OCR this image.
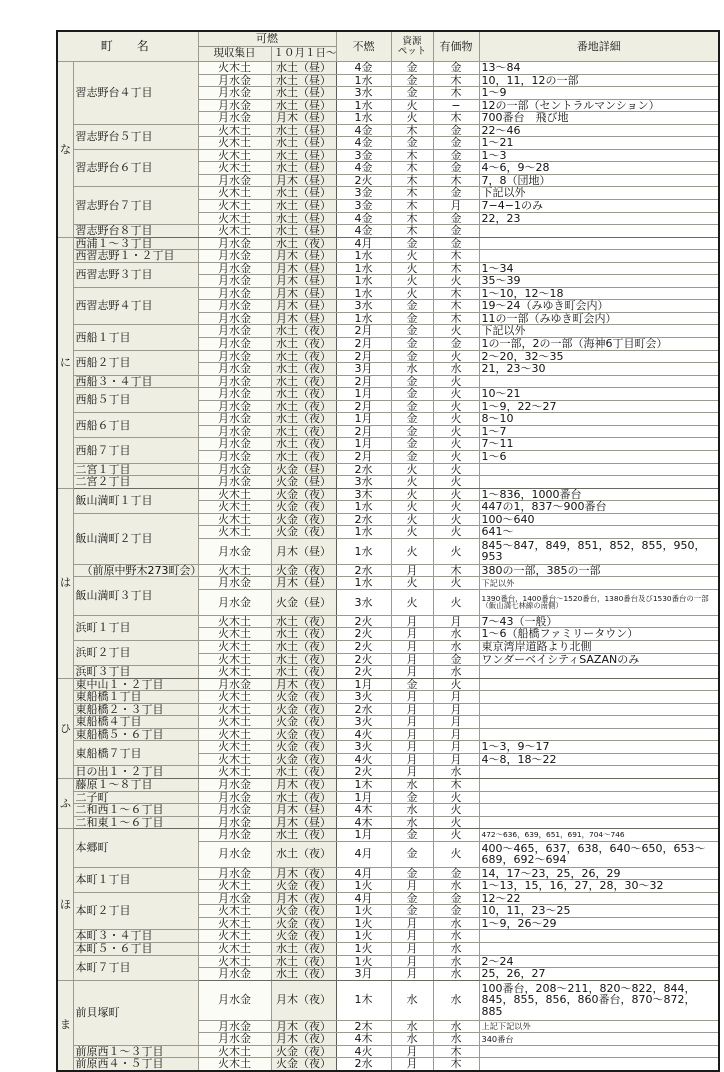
町　名		可燃		不燃	資源
ペット	有価物	番地詳細
		現収集日	１０月１日〜				
な	習志野台４丁目	火木土	水土（昼）	4金	金	金	13〜84
		月水金	水土（昼）	1水	金	木	10，11，12の一部
		月水金	水土（昼）	3水	金	木	1〜9
		月水金	水土（昼）	1水	火	−	12の一部（セントラルマンション）
		月水金	月木（昼）	1水	火	木	700番台　飛び地
	習志野台５丁目	火木土	水土（昼）	4金	木	金	22〜46
		火木土	水土（昼）	4金	金	金	1〜21
	習志野台６丁目	火木土	水土（昼）	3金	木	金	1〜3
		火木土	水土（昼）	4金	木	金	4〜6，9〜28
		月水金	月木（昼）	2火	木	木	7，8（団地）
	習志野台７丁目	火木土	水土（昼）	3金	木	金	下記以外
		火木土	水土（昼）	3金	木	月	7−4−1のみ
		火木土	水土（昼）	4金	木	金	22，23
	習志野台８丁目	火木土	水土（昼）	4金	木	金	
に	西浦１〜３丁目	月水金	水土（夜）	4月	金	金	
	西習志野１・２丁目	月水金	月木（昼）	1水	火	木	
	西習志野３丁目	月水金	月木（昼）	1水	火	木	1〜34
		月水金	月木（昼）	1水	火	火	35〜39
	西習志野４丁目	月水金	月木（昼）	1水	火	木	1〜10，12〜18
		月水金	月木（昼）	3水	金	木	19〜24（みゆき町会内）
		月水金	月木（昼）	1水	金	木	11の一部（みゆき町会内）
	西船１丁目	月水金	水土（夜）	2月	金	火	下記以外
		月水金	水土（夜）	2月	金	金	1の一部，2の一部（海神6丁目町会）
	西船２丁目	月水金	水土（夜）	2月	金	火	2〜20，32〜35
		月水金	水土（夜）	3月	水	水	21，23〜30
	西船３・４丁目	月水金	水土（夜）	2月	金	火	
	西船５丁目	月水金	水土（夜）	1月	金	火	10〜21
		月水金	水土（夜）	2月	金	火	1〜9，22〜27
	西船６丁目	月水金	水土（夜）	1月	金	火	8〜10
		月水金	水土（夜）	2月	金	火	1〜7
	西船７丁目	月水金	水土（夜）	1月	金	火	7〜11
		月水金	水土（夜）	2月	金	火	1〜6
	二宮１丁目	月水金	火金（昼）	2水	火	火	
	二宮２丁目	月水金	火金（昼）	3水	火	火	
は	飯山満町１丁目	火木土	火金（夜）	3木	火	火	1〜836，1000番台
		火木土	火金（夜）	1水	火	火	447の1，837〜900番台
	飯山満町２丁目	火木土	火金（夜）	2水	火	火	100〜640
		火木土	火金（夜）	1水	火	火	641〜
		月水金	月木（昼）	1水	火	火	845〜847，849，851，852，855，950，953
	（前原中野木273町会）	火木土	火金（夜）	2水	月	木	380の一部，385の一部
	飯山満町３丁目	月水金	月木（昼）	1水	火	火	下記以外
		月水金	火金（昼）	3水	火	火	1390番台，1400番台〜1520番台，1380番台及び1530番台の一部（飯山満七林線の南側）
	浜町１丁目	火木土	水土（夜）	2火	月	月	7〜43（一般）
		火木土	水土（夜）	2火	月	水	1〜6（船橋ファミリータウン）
	浜町２丁目	火木土	水土（夜）	2火	月	水	東京湾岸道路より北側
		火木土	水土（夜）	2火	月	金	ワンダーベイシティSAZANのみ
	浜町３丁目	火木土	水土（夜）	2火	月	水	
ひ	東中山１・２丁目	月水金	月木（夜）	1月	金	火	
	東船橋１丁目	火木土	火金（夜）	3火	月	月	
	東船橋２・３丁目	火木土	火金（夜）	2水	月	月	
	東船橋４丁目	火木土	火金（夜）	3火	月	月	
	東船橋５・６丁目	火木土	火金（夜）	4火	月	月	
	東船橋７丁目	火木土	火金（夜）	3火	月	月	1〜3，9〜17
		火木土	火金（夜）	4火	月	月	4〜8，18〜22
	日の出１・２丁目	火木土	水土（夜）	2火	月	水	
ふ	藤原１〜８丁目	月水金	月木（夜）	1木	水	木	
	二子町	月水金	水土（夜）	1月	金	火	
	二和西１〜６丁目	月水金	月木（昼）	4木	水	火	
	二和東１〜６丁目	月水金	月木（昼）	4木	水	火	
ほ	本郷町	月水金	水土（夜）	1月	金	火	472〜636，639，651，691，704〜746
		月水金	水土（夜）	4月	金	火	400〜465，637，638，640〜650，653〜689，692〜694
	本町１丁目	月水金	月木（夜）	4月	金	金	14，17〜23，25，26，29
		火木土	火金（夜）	1火	月	水	1〜13，15，16，27，28，30〜32
	本町２丁目	月水金	月木（夜）	4月	金	金	12〜22
		火木土	火金（夜）	1火	金	金	10，11，23〜25
		火木土	火金（夜）	1火	月	水	1〜9，26〜29
	本町３・４丁目	火木土	火金（夜）	1火	月	水	
	本町５・６丁目	火木土	水土（夜）	1火	月	水	
	本町７丁目	火木土	水土（夜）	1火	月	水	2〜24
		月水金	水土（夜）	3月	月	水	25，26，27
ま	前貝塚町	月水金	月木（夜）	1木	水	水	100番台，208〜211，820〜822，844，845，855，856，860番台，870〜872，885
		月水金	月木（夜）	2木	水	水	上記下記以外
		月水金	月木（夜）	4木	水	水	340番台
	前原西１〜３丁目	火木土	火金（夜）	4火	月	木	
	前原西４・５丁目	火木土	火金（夜）	2水	月	木	
